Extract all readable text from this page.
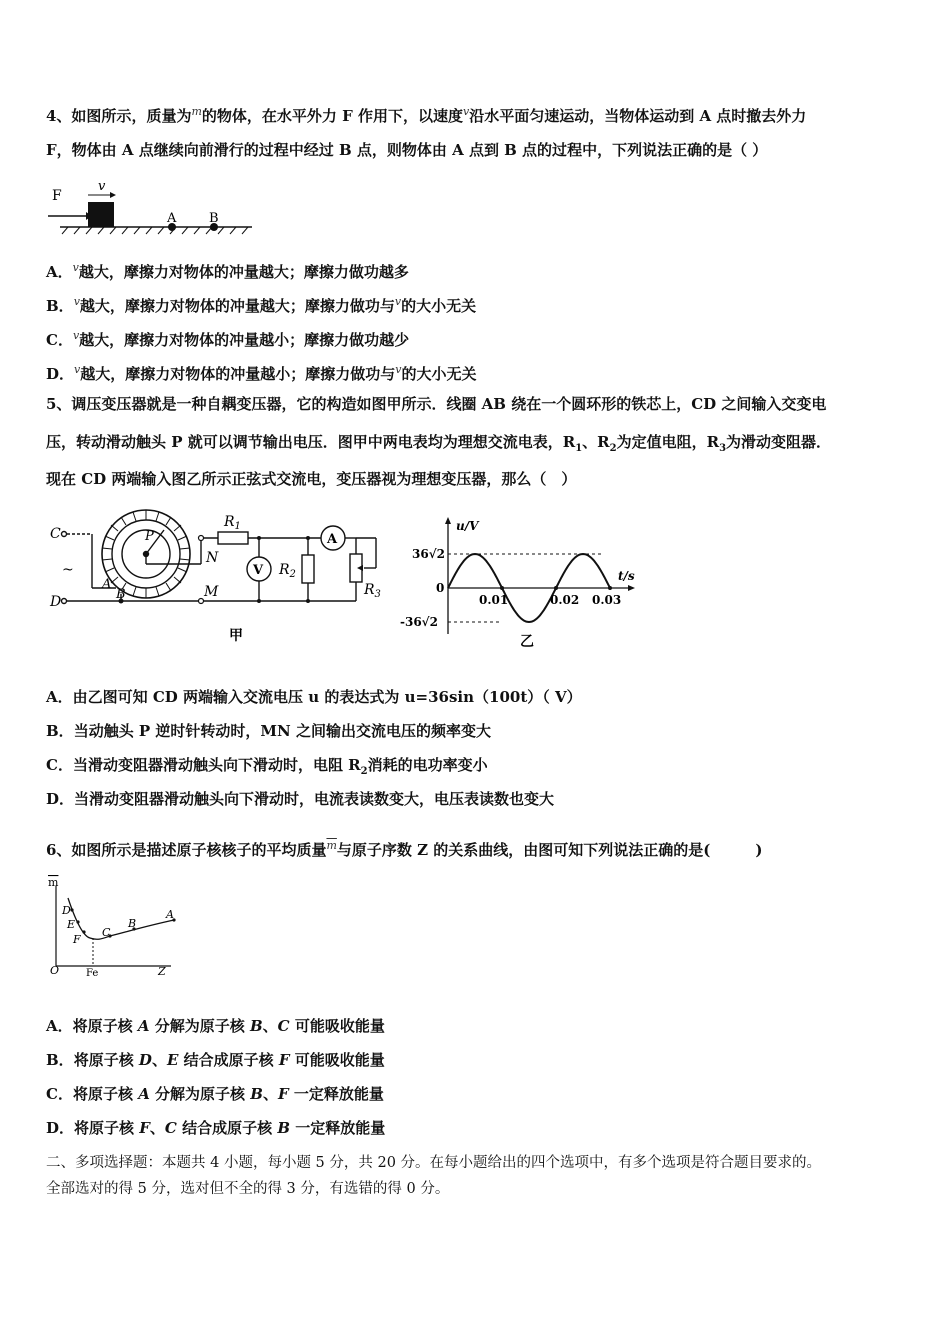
4、如图所示，质量为$^m$的物体，在水平外力 F 作用下，以速度$^v$沿水平面匀速运动，当物体运动到 A 点时撤去外力
F，物体由 A 点继续向前滑行的过程中经过 B 点，则物体由 A 点到 B 点的过程中，下列说法正确的是（ ）
F
v
A	B
A．$^v$越大，摩擦力对物体的冲量越大；摩擦力做功越多
B．$^v$越大，摩擦力对物体的冲量越大；摩擦力做功与$^v$的大小无关
C．$^v$越大，摩擦力对物体的冲量越小；摩擦力做功越少
D．$^v$越大，摩擦力对物体的冲量越小；摩擦力做功与$^v$的大小无关
5、调压变压器就是一种自耦变压器，它的构造如图甲所示．线圈 AB 绕在一个圆环形的铁芯上，CD 之间输入交变电
压，转动滑动触头 P 就可以调节输出电压．图甲中两电表均为理想交流电表，$R_1$、$R_2$为定值电阻，$R_3$为滑动变阻器．
现在 CD 两端输入图乙所示正弦式交流电，变压器视为理想变压器，那么（　）
C
D
~
A
B
P
N
M
$R_1$
$R_2$
$R_3$
A
V
甲
u/V
t/s
36√2
-36√2
0
0.01	0.02 0.03
乙
A．由乙图可知 CD 两端输入交流电压 u 的表达式为 u=36sin（100t）（ V）
B．当动触头 P 逆时针转动时，MN 之间输出交流电压的频率变大
C．当滑动变阻器滑动触头向下滑动时，电阻 $R_2$消耗的电功率变小
D．当滑动变阻器滑动触头向下滑动时，电流表读数变大，电压表读数也变大
6、如图所示是描述原子核核子的平均质量$^{\overline{m}}$与原子序数 Z 的关系曲线，由图可知下列说法正确的是(　　　)
m
Z
O	Fe
D
E
F
C
B
A
A．将原子核 A 分解为原子核 B、C 可能吸收能量
B．将原子核 D、E 结合成原子核 F 可能吸收能量
C．将原子核 A 分解为原子核 B、F 一定释放能量
D．将原子核 F、C 结合成原子核 B 一定释放能量
二、多项选择题：本题共 4 小题，每小题 5 分，共 20 分。在每小题给出的四个选项中，有多个选项是符合题目要求的。
全部选对的得 5 分，选对但不全的得 3 分，有选错的得 0 分。
